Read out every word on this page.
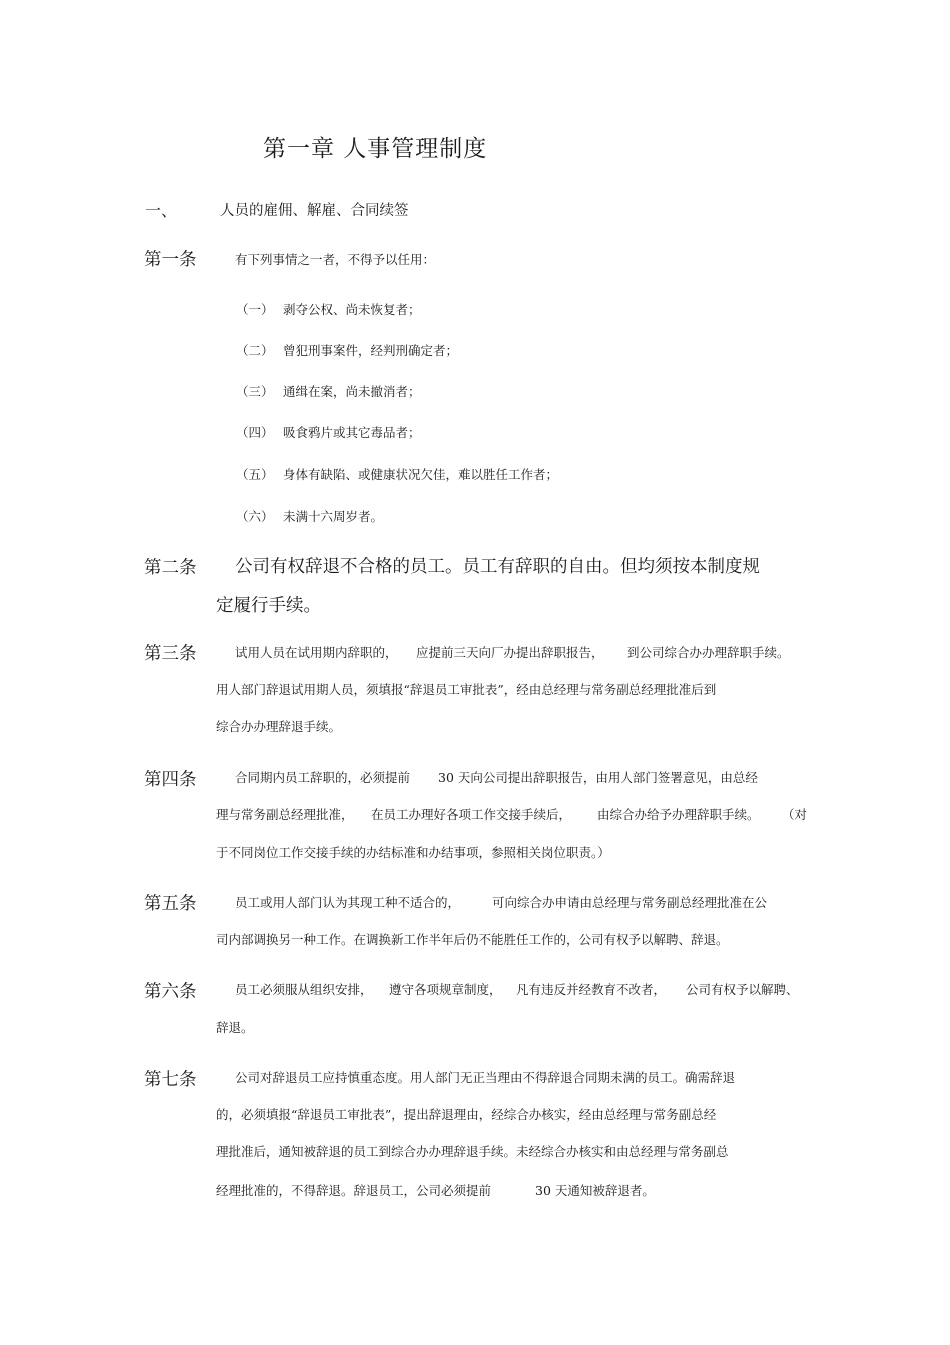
第一章 人事管理制度
一、	人员的雇佣、解雇、合同续签
第一条	有下列事情之一者，不得予以任用：
（一） 剥夺公权、尚未恢复者；
（二） 曾犯刑事案件，经判刑确定者；
（三） 通缉在案，尚未撤消者；
（四） 吸食鸦片或其它毒品者；
（五） 身体有缺陷、或健康状况欠佳，难以胜任工作者；
（六） 未满十六周岁者。
第二条 公司有权辞退不合格的员工。员工有辞职的自由。但均须按本制度规
定履行手续。
第三条	试用人员在试用期内辞职的， 应提前三天向厂办提出辞职报告， 到公司综合办办理辞职手续。
用人部门辞退试用期人员，须填报“辞退员工审批表”，经由总经理与常务副总经理批准后到
综合办办理辞退手续。
第四条	合同期内员工辞职的，必须提前 30 天向公司提出辞职报告，由用人部门签署意见，由总经
理与常务副总经理批准， 在员工办理好各项工作交接手续后， 由综合办给予办理辞职手续。 （对
于不同岗位工作交接手续的办结标准和办结事项，参照相关岗位职责。）
第五条	员工或用人部门认为其现工种不适合的，	可向综合办申请由总经理与常务副总经理批准在公
司内部调换另一种工作。在调换新工作半年后仍不能胜任工作的，公司有权予以解聘、辞退。
第六条	员工必须服从组织安排， 遵守各项规章制度， 凡有违反并经教育不改者， 公司有权予以解聘、
辞退。
第七条	公司对辞退员工应持慎重态度。用人部门无正当理由不得辞退合同期未满的员工。确需辞退
的，必须填报“辞退员工审批表”，提出辞退理由，经综合办核实，经由总经理与常务副总经
理批准后，通知被辞退的员工到综合办办理辞退手续。未经综合办核实和由总经理与常务副总
经理批准的，不得辞退。辞退员工，公司必须提前	30 天通知被辞退者。
